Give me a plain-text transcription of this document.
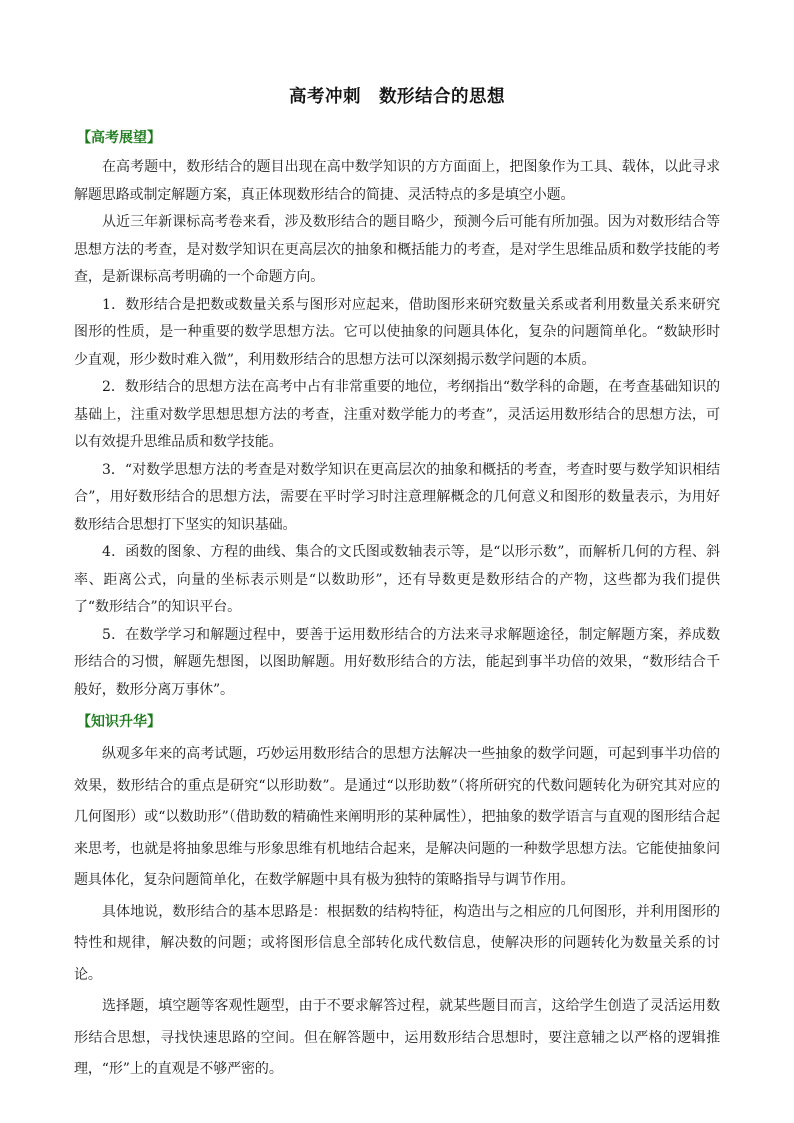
高考冲刺　数形结合的思想
【高考展望】

在高考题中，数形结合的题目出现在高中数学知识的方方面面上，把图象作为工具、载体，以此寻求解题思路或制定解题方案，真正体现数形结合的简捷、灵活特点的多是填空小题。

从近三年新课标高考卷来看，涉及数形结合的题目略少，预测今后可能有所加强。因为对数形结合等思想方法的考查，是对数学知识在更高层次的抽象和概括能力的考查，是对学生思维品质和数学技能的考查，是新课标高考明确的一个命题方向。

1．数形结合是把数或数量关系与图形对应起来，借助图形来研究数量关系或者利用数量关系来研究图形的性质，是一种重要的数学思想方法。它可以使抽象的问题具体化，复杂的问题简单化。“数缺形时少直观，形少数时难入微”，利用数形结合的思想方法可以深刻揭示数学问题的本质。

2．数形结合的思想方法在高考中占有非常重要的地位，考纲指出“数学科的命题，在考查基础知识的基础上，注重对数学思想思想方法的考查，注重对数学能力的考查”，灵活运用数形结合的思想方法，可以有效提升思维品质和数学技能。

3．“对数学思想方法的考查是对数学知识在更高层次的抽象和概括的考查，考查时要与数学知识相结合”，用好数形结合的思想方法，需要在平时学习时注意理解概念的几何意义和图形的数量表示，为用好数形结合思想打下坚实的知识基础。

4．函数的图象、方程的曲线、集合的文氏图或数轴表示等，是“以形示数”，而解析几何的方程、斜率、距离公式，向量的坐标表示则是“以数助形”，还有导数更是数形结合的产物，这些都为我们提供了“数形结合”的知识平台。

5．在数学学习和解题过程中，要善于运用数形结合的方法来寻求解题途径，制定解题方案，养成数形结合的习惯，解题先想图，以图助解题。用好数形结合的方法，能起到事半功倍的效果，“数形结合千般好，数形分离万事休”。

【知识升华】

纵观多年来的高考试题，巧妙运用数形结合的思想方法解决一些抽象的数学问题，可起到事半功倍的效果，数形结合的重点是研究“以形助数”。是通过“以形助数”（将所研究的代数问题转化为研究其对应的几何图形）或“以数助形”（借助数的精确性来阐明形的某种属性），把抽象的数学语言与直观的图形结合起来思考，也就是将抽象思维与形象思维有机地结合起来，是解决问题的一种数学思想方法。它能使抽象问题具体化，复杂问题简单化，在数学解题中具有极为独特的策略指导与调节作用。

具体地说，数形结合的基本思路是：根据数的结构特征，构造出与之相应的几何图形，并利用图形的特性和规律，解决数的问题；或将图形信息全部转化成代数信息，使解决形的问题转化为数量关系的讨论。

选择题，填空题等客观性题型，由于不要求解答过程，就某些题目而言，这给学生创造了灵活运用数形结合思想，寻找快速思路的空间。但在解答题中，运用数形结合思想时，要注意辅之以严格的逻辑推理，“形”上的直观是不够严密的。
